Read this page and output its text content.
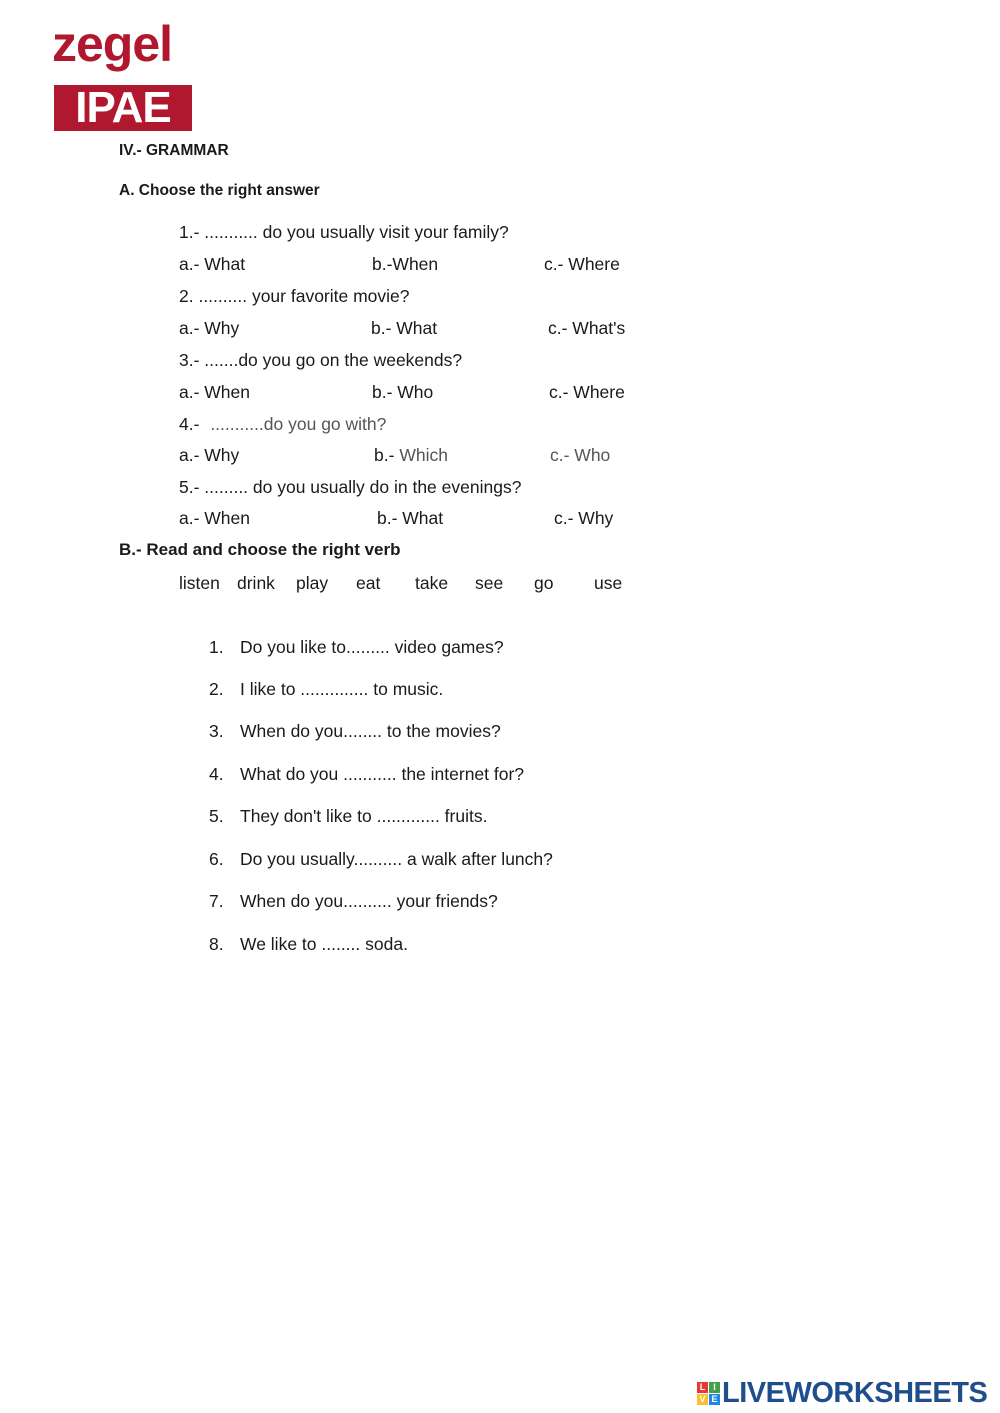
zegel
IPAE
IV.- GRAMMAR
A. Choose the right answer
1.- ........... do you usually visit your family?
a.- What	b.-When	c.- Where
2. .......... your favorite movie?
a.- Why	b.- What	c.- What's
3.- .......do you go on the weekends?
a.- When	b.- Who	c.- Where
4.- ...........do you go with?
a.- Why	b.- Which	c.- Who
5.- ......... do you usually do in the evenings?
a.- When	b.- What	c.- Why
B.- Read and choose the right verb
listen drink play eat take see go use
1. Do you like to......... video games?
2. I like to .............. to music.
3. When do you........ to the movies?
4. What do you ........... the internet for?
5. They don't like to ............. fruits.
6. Do you usually.......... a walk after lunch?
7. When do you.......... your friends?
8. We like to ........ soda.
L I
V E LIVEWORKSHEETS
